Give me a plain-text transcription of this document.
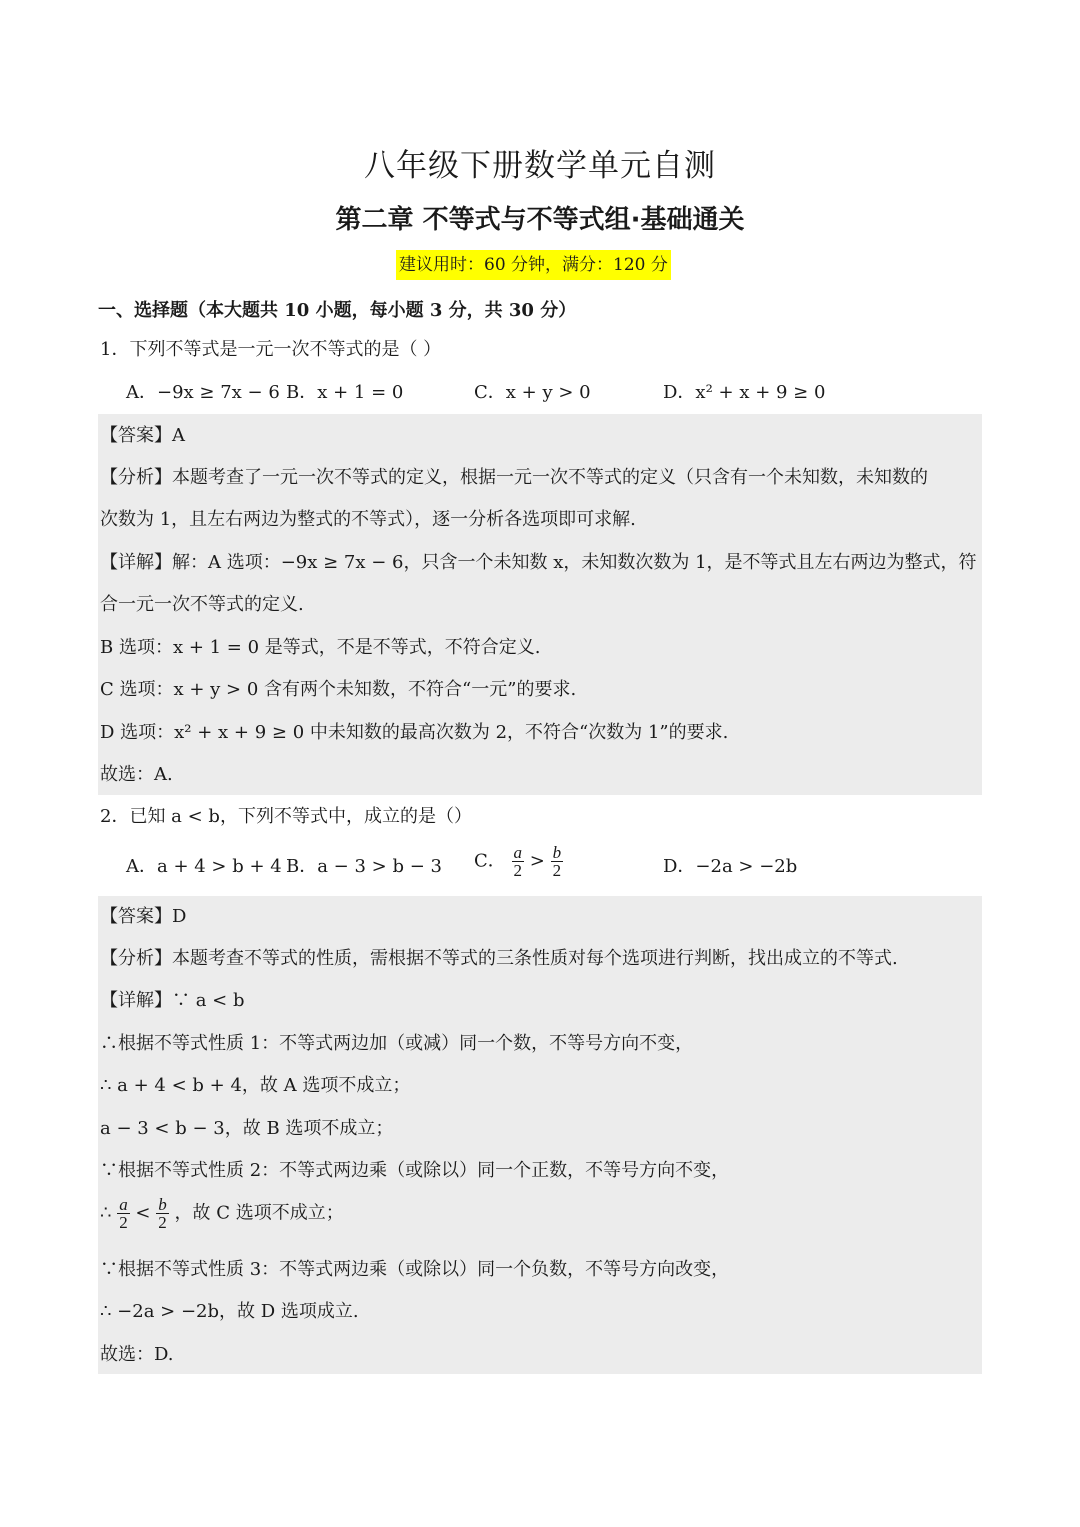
八年级下册数学单元自测
第二章 不等式与不等式组·基础通关
建议用时：60 分钟，满分：120 分
一、选择题（本大题共 10 小题，每小题 3 分，共 30 分）
1．下列不等式是一元一次不等式的是（ ）
A．−9x ≥ 7x − 6 B．x + 1 = 0	C．x + y > 0	D．x² + x + 9 ≥ 0
【答案】A
【分析】本题考查了一元一次不等式的定义，根据一元一次不等式的定义（只含有一个未知数，未知数的
次数为 1，且左右两边为整式的不等式），逐一分析各选项即可求解.
【详解】解：A 选项：−9x ≥ 7x − 6，只含一个未知数 x，未知数次数为 1，是不等式且左右两边为整式，符
合一元一次不等式的定义.
B 选项：x + 1 = 0 是等式，不是不等式，不符合定义.
C 选项：x + y > 0 含有两个未知数，不符合“一元”的要求.
D 选项：x² + x + 9 ≥ 0 中未知数的最高次数为 2，不符合“次数为 1”的要求.
故选：A.
2．已知 a < b，下列不等式中，成立的是（）
A．a + 4 > b + 4 B．a − 3 > b − 3 C． $\frac{a}{2} > \frac{b}{2}$	D．−2a > −2b
【答案】D
【分析】本题考查不等式的性质，需根据不等式的三条性质对每个选项进行判断，找出成立的不等式.
【详解】∵ a < b
∴根据不等式性质 1：不等式两边加（或减）同一个数，不等号方向不变，
∴ a + 4 < b + 4，故 A 选项不成立；
a − 3 < b − 3，故 B 选项不成立；
∵根据不等式性质 2：不等式两边乘（或除以）同一个正数，不等号方向不变，
∴ $\frac{a}{2} < \frac{b}{2}$ ，故 C 选项不成立；
∵根据不等式性质 3：不等式两边乘（或除以）同一个负数，不等号方向改变，
∴ −2a > −2b，故 D 选项成立.
故选：D.
